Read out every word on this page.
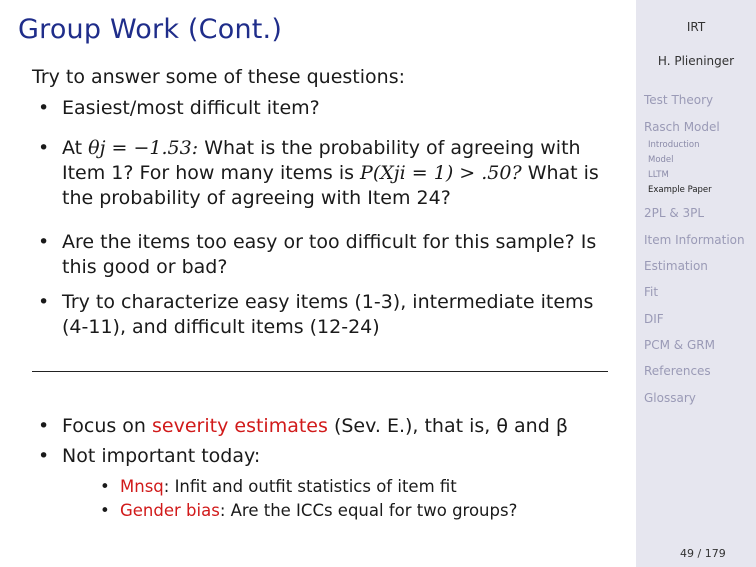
Group Work (Cont.)

Try to answer some of these questions:

• Easiest/most difficult item?
• At θj = −1.53: What is the probability of agreeing with Item 1? For how many items is P(Xji = 1) > .50? What is the probability of agreeing with Item 24?
• Are the items too easy or too difficult for this sample? Is this good or bad?
• Try to characterize easy items (1-3), intermediate items (4-11), and difficult items (12-24)
• Focus on severity estimates (Sev. E.), that is, θ and β
• Not important today:
• Mnsq: Infit and outfit statistics of item fit
• Gender bias: Are the ICCs equal for two groups?
IRT
H. Plieninger
Test Theory
Rasch Model
Introduction
Model
LLTM
Example Paper
2PL & 3PL
Item Information
Estimation
Fit
DIF
PCM & GRM
References
Glossary
49 / 179
